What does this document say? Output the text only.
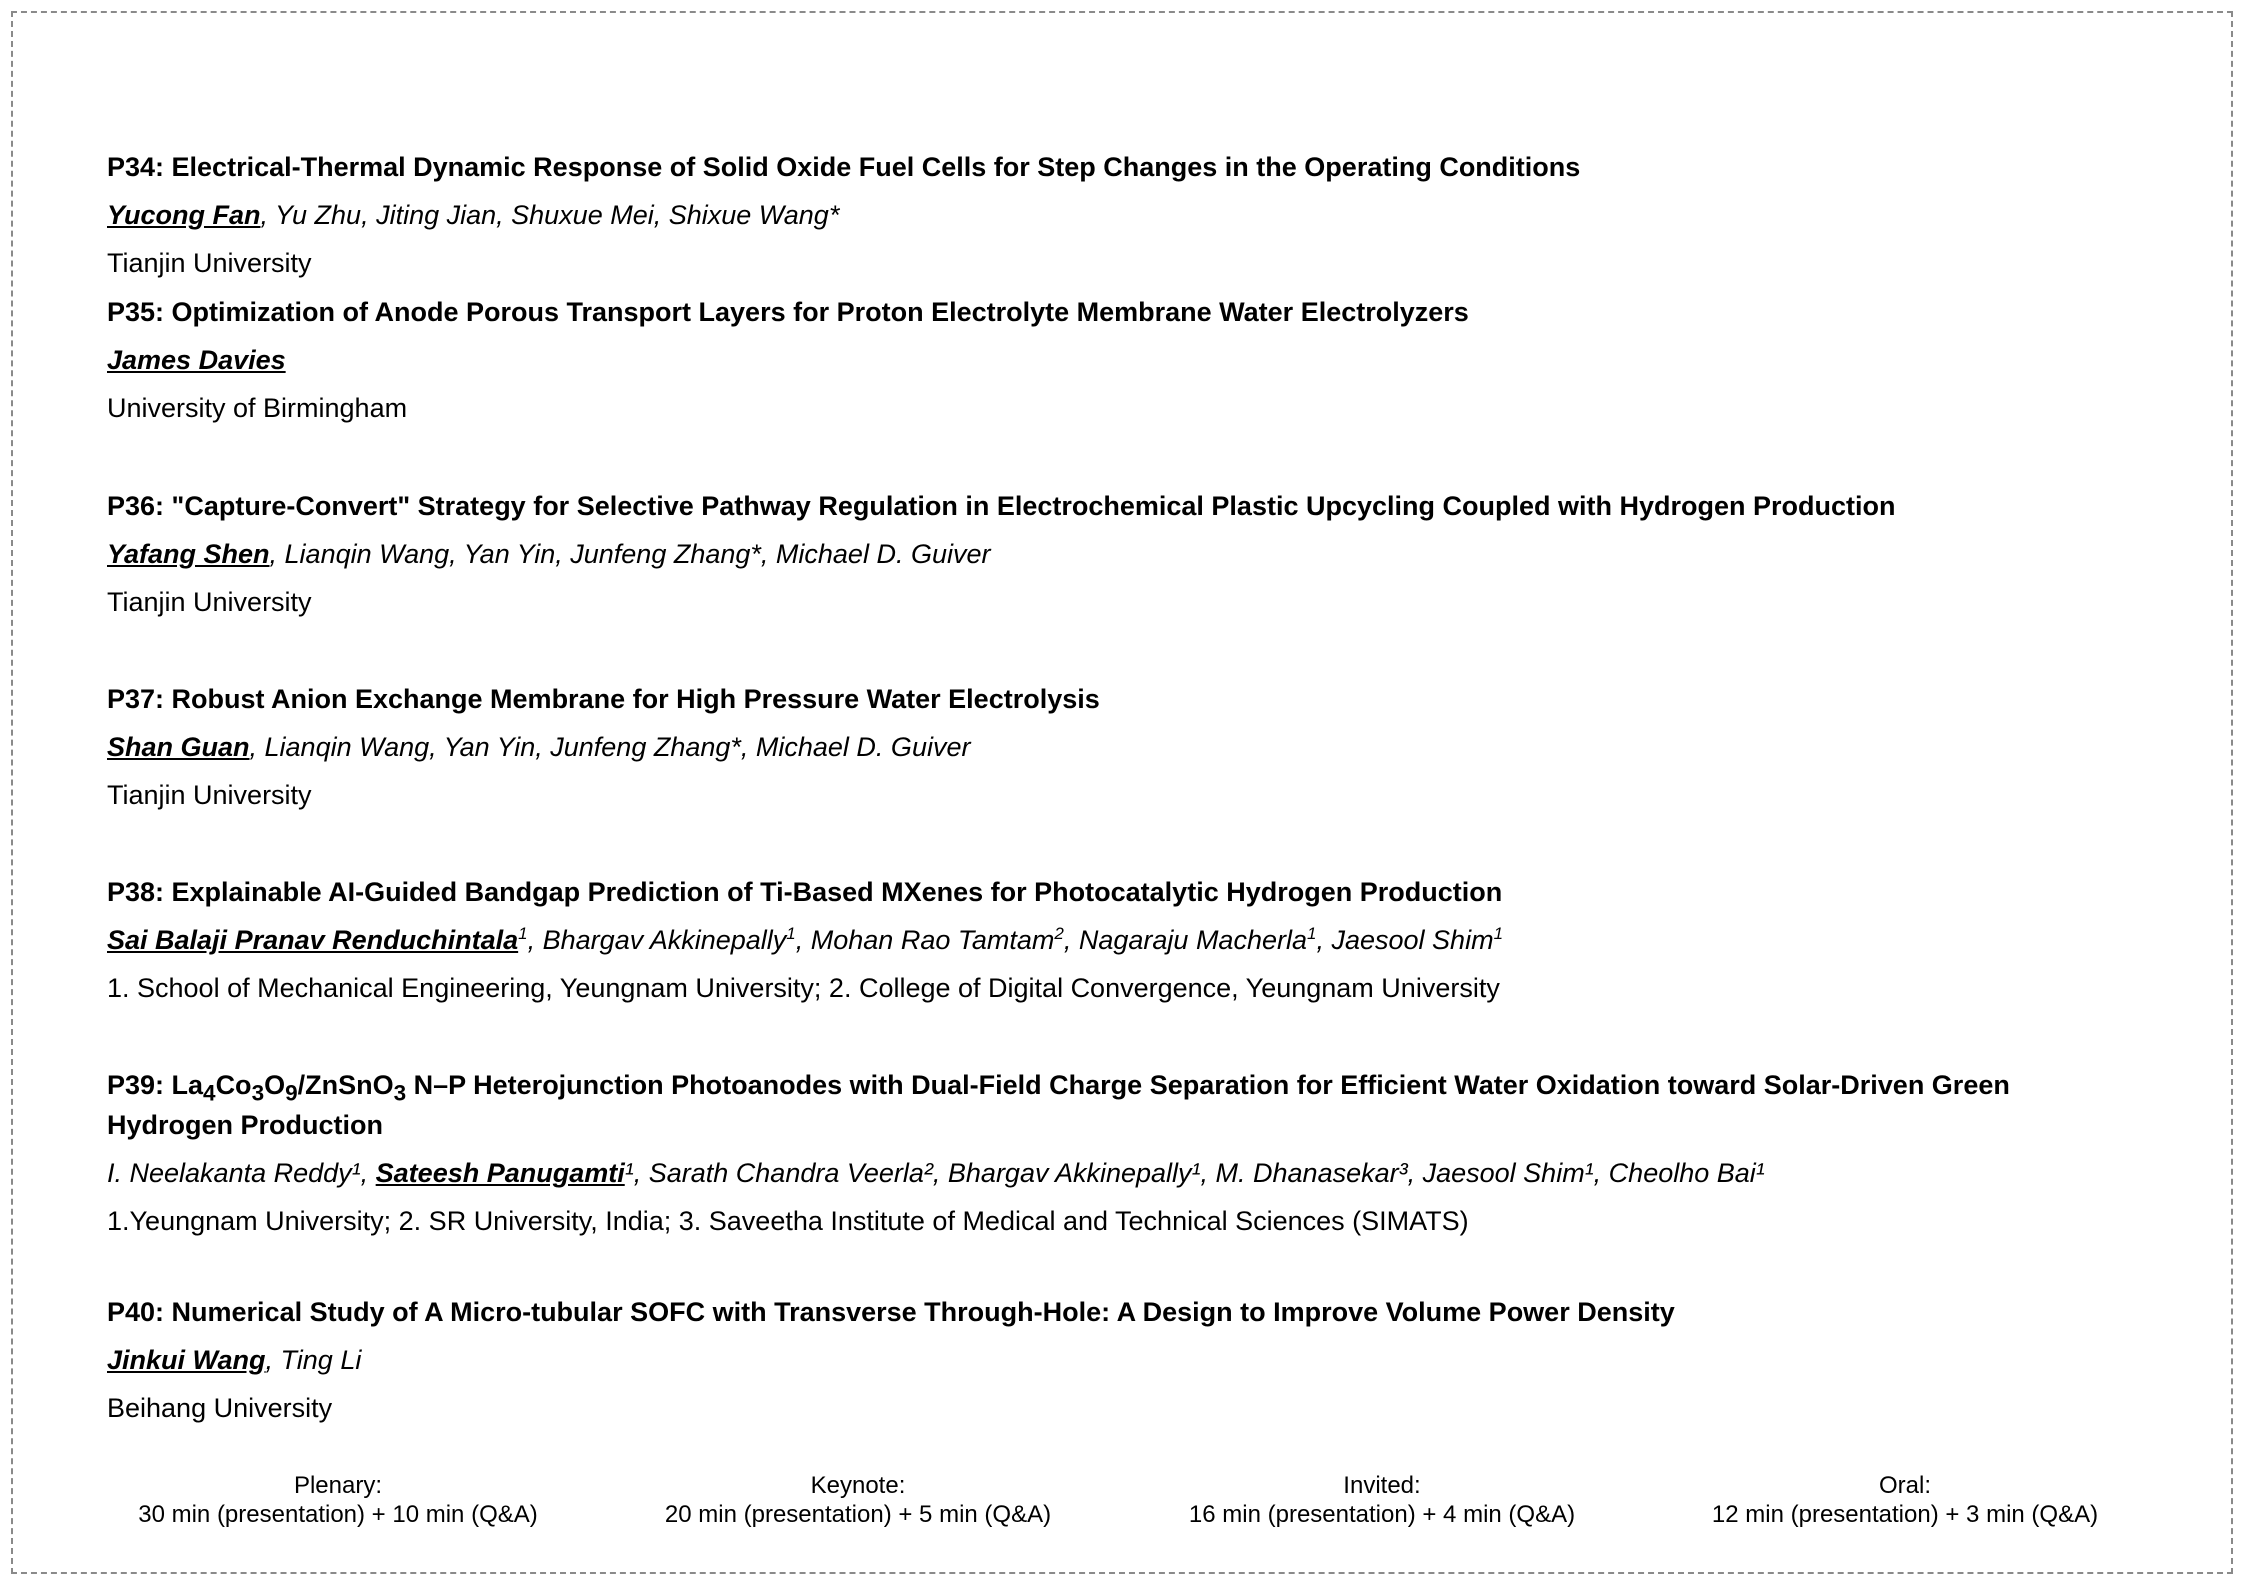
P34: Electrical-Thermal Dynamic Response of Solid Oxide Fuel Cells for Step Changes in the Operating Conditions
Yucong Fan, Yu Zhu, Jiting Jian, Shuxue Mei, Shixue Wang*
Tianjin University
P35: Optimization of Anode Porous Transport Layers for Proton Electrolyte Membrane Water Electrolyzers
James Davies
University of Birmingham
P36: "Capture-Convert" Strategy for Selective Pathway Regulation in Electrochemical Plastic Upcycling Coupled with Hydrogen Production
Yafang Shen, Lianqin Wang, Yan Yin, Junfeng Zhang*, Michael D. Guiver
Tianjin University
P37: Robust Anion Exchange Membrane for High Pressure Water Electrolysis
Shan Guan, Lianqin Wang, Yan Yin, Junfeng Zhang*, Michael D. Guiver
Tianjin University
P38: Explainable AI-Guided Bandgap Prediction of Ti-Based MXenes for Photocatalytic Hydrogen Production
Sai Balaji Pranav Renduchintala$^1$, Bhargav Akkinepally$^1$, Mohan Rao Tamtam$^2$, Nagaraju Macherla$^1$, Jaesool Shim$^1$
1. School of Mechanical Engineering, Yeungnam University; 2. College of Digital Convergence, Yeungnam University
P39: $La_4Co_3O_9/ZnSnO_3$ N–P Heterojunction Photoanodes with Dual-Field Charge Separation for Efficient Water Oxidation toward Solar-Driven Green Hydrogen Production
I. Neelakanta Reddy¹, Sateesh Panugamti¹, Sarath Chandra Veerla², Bhargav Akkinepally¹, M. Dhanasekar³, Jaesool Shim¹, Cheolho Bai¹
1.Yeungnam University; 2. SR University, India; 3. Saveetha Institute of Medical and Technical Sciences (SIMATS)
P40: Numerical Study of A Micro-tubular SOFC with Transverse Through-Hole: A Design to Improve Volume Power Density
Jinkui Wang, Ting Li
Beihang University
Plenary:
30 min (presentation) + 10 min (Q&A)
Keynote:
20 min (presentation) + 5 min (Q&A)
Invited:
16 min (presentation) + 4 min (Q&A)
Oral:
12 min (presentation) + 3 min (Q&A)
